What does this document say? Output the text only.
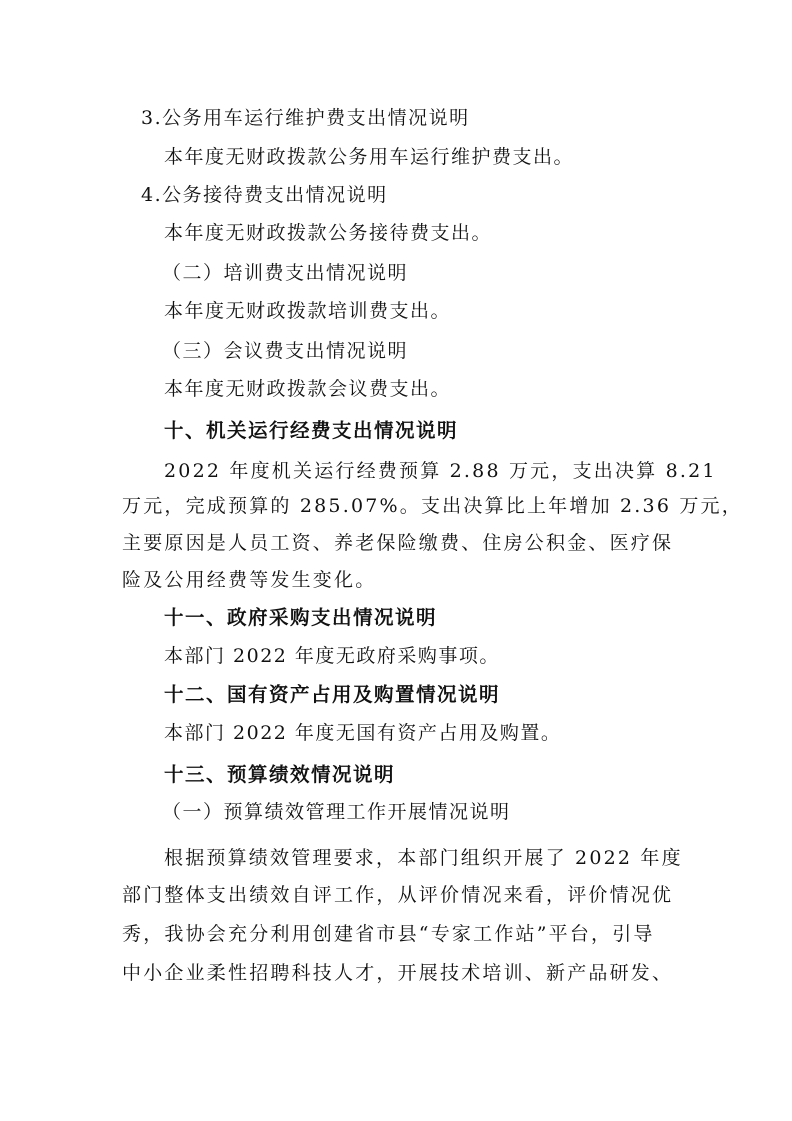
3.公务用车运行维护费支出情况说明
本年度无财政拨款公务用车运行维护费支出。
4.公务接待费支出情况说明
本年度无财政拨款公务接待费支出。
（二）培训费支出情况说明
本年度无财政拨款培训费支出。
（三）会议费支出情况说明
本年度无财政拨款会议费支出。
十、机关运行经费支出情况说明
2022 年度机关运行经费预算 2.88 万元，支出决算 8.21
万元，完成预算的 285.07%。支出决算比上年增加 2.36 万元，
主要原因是人员工资、养老保险缴费、住房公积金、医疗保
险及公用经费等发生变化。
十一、政府采购支出情况说明
本部门 2022 年度无政府采购事项。
十二、国有资产占用及购置情况说明
本部门 2022 年度无国有资产占用及购置。
十三、预算绩效情况说明
（一）预算绩效管理工作开展情况说明
根据预算绩效管理要求，本部门组织开展了 2022 年度
部门整体支出绩效自评工作，从评价情况来看，评价情况优
秀，我协会充分利用创建省市县“专家工作站”平台，引导
中小企业柔性招聘科技人才，开展技术培训、新产品研发、
